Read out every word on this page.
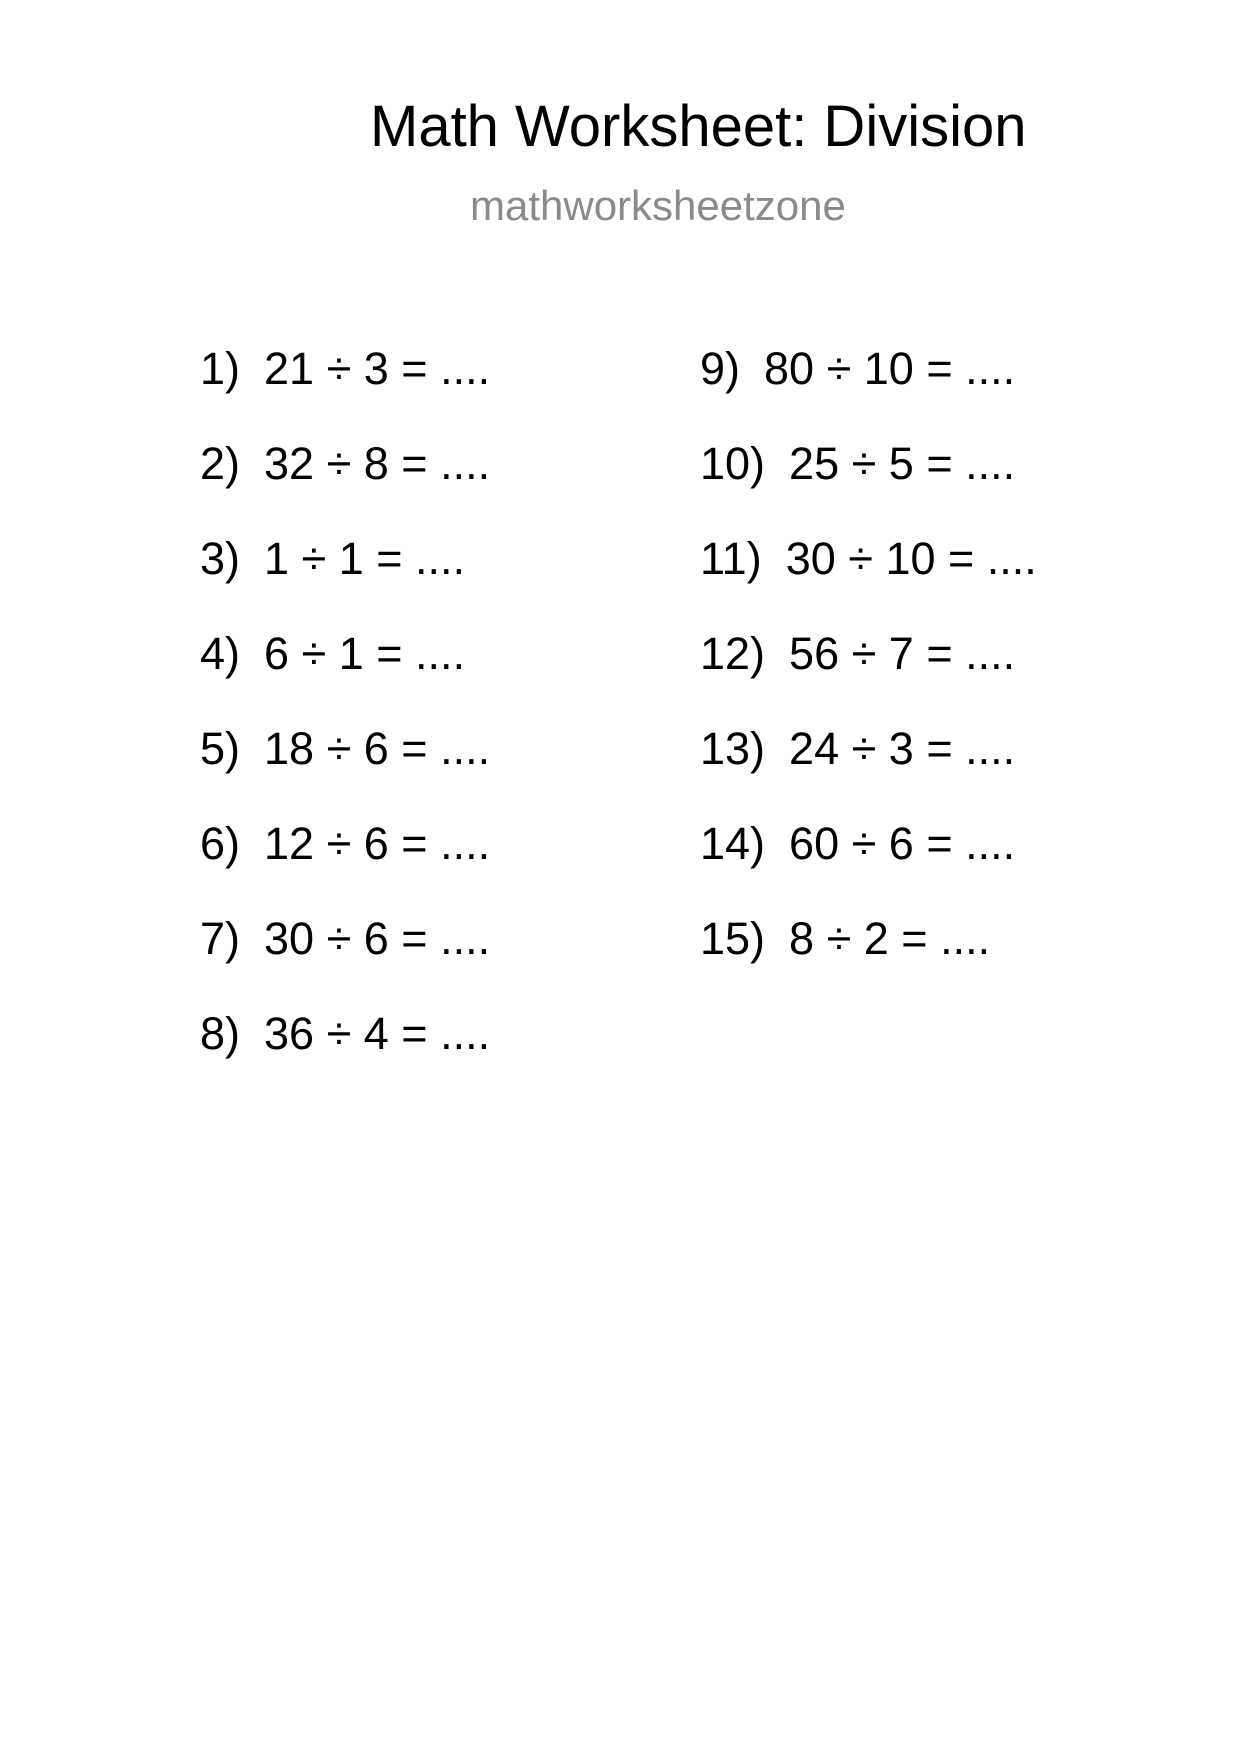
Math Worksheet: Division
mathworksheetzone
1) 21 ÷ 3 = ....
2) 32 ÷ 8 = ....
3) 1 ÷ 1 = ....
4) 6 ÷ 1 = ....
5) 18 ÷ 6 = ....
6) 12 ÷ 6 = ....
7) 30 ÷ 6 = ....
8) 36 ÷ 4 = ....
9) 80 ÷ 10 = ....
10) 25 ÷ 5 = ....
11) 30 ÷ 10 = ....
12) 56 ÷ 7 = ....
13) 24 ÷ 3 = ....
14) 60 ÷ 6 = ....
15) 8 ÷ 2 = ....
